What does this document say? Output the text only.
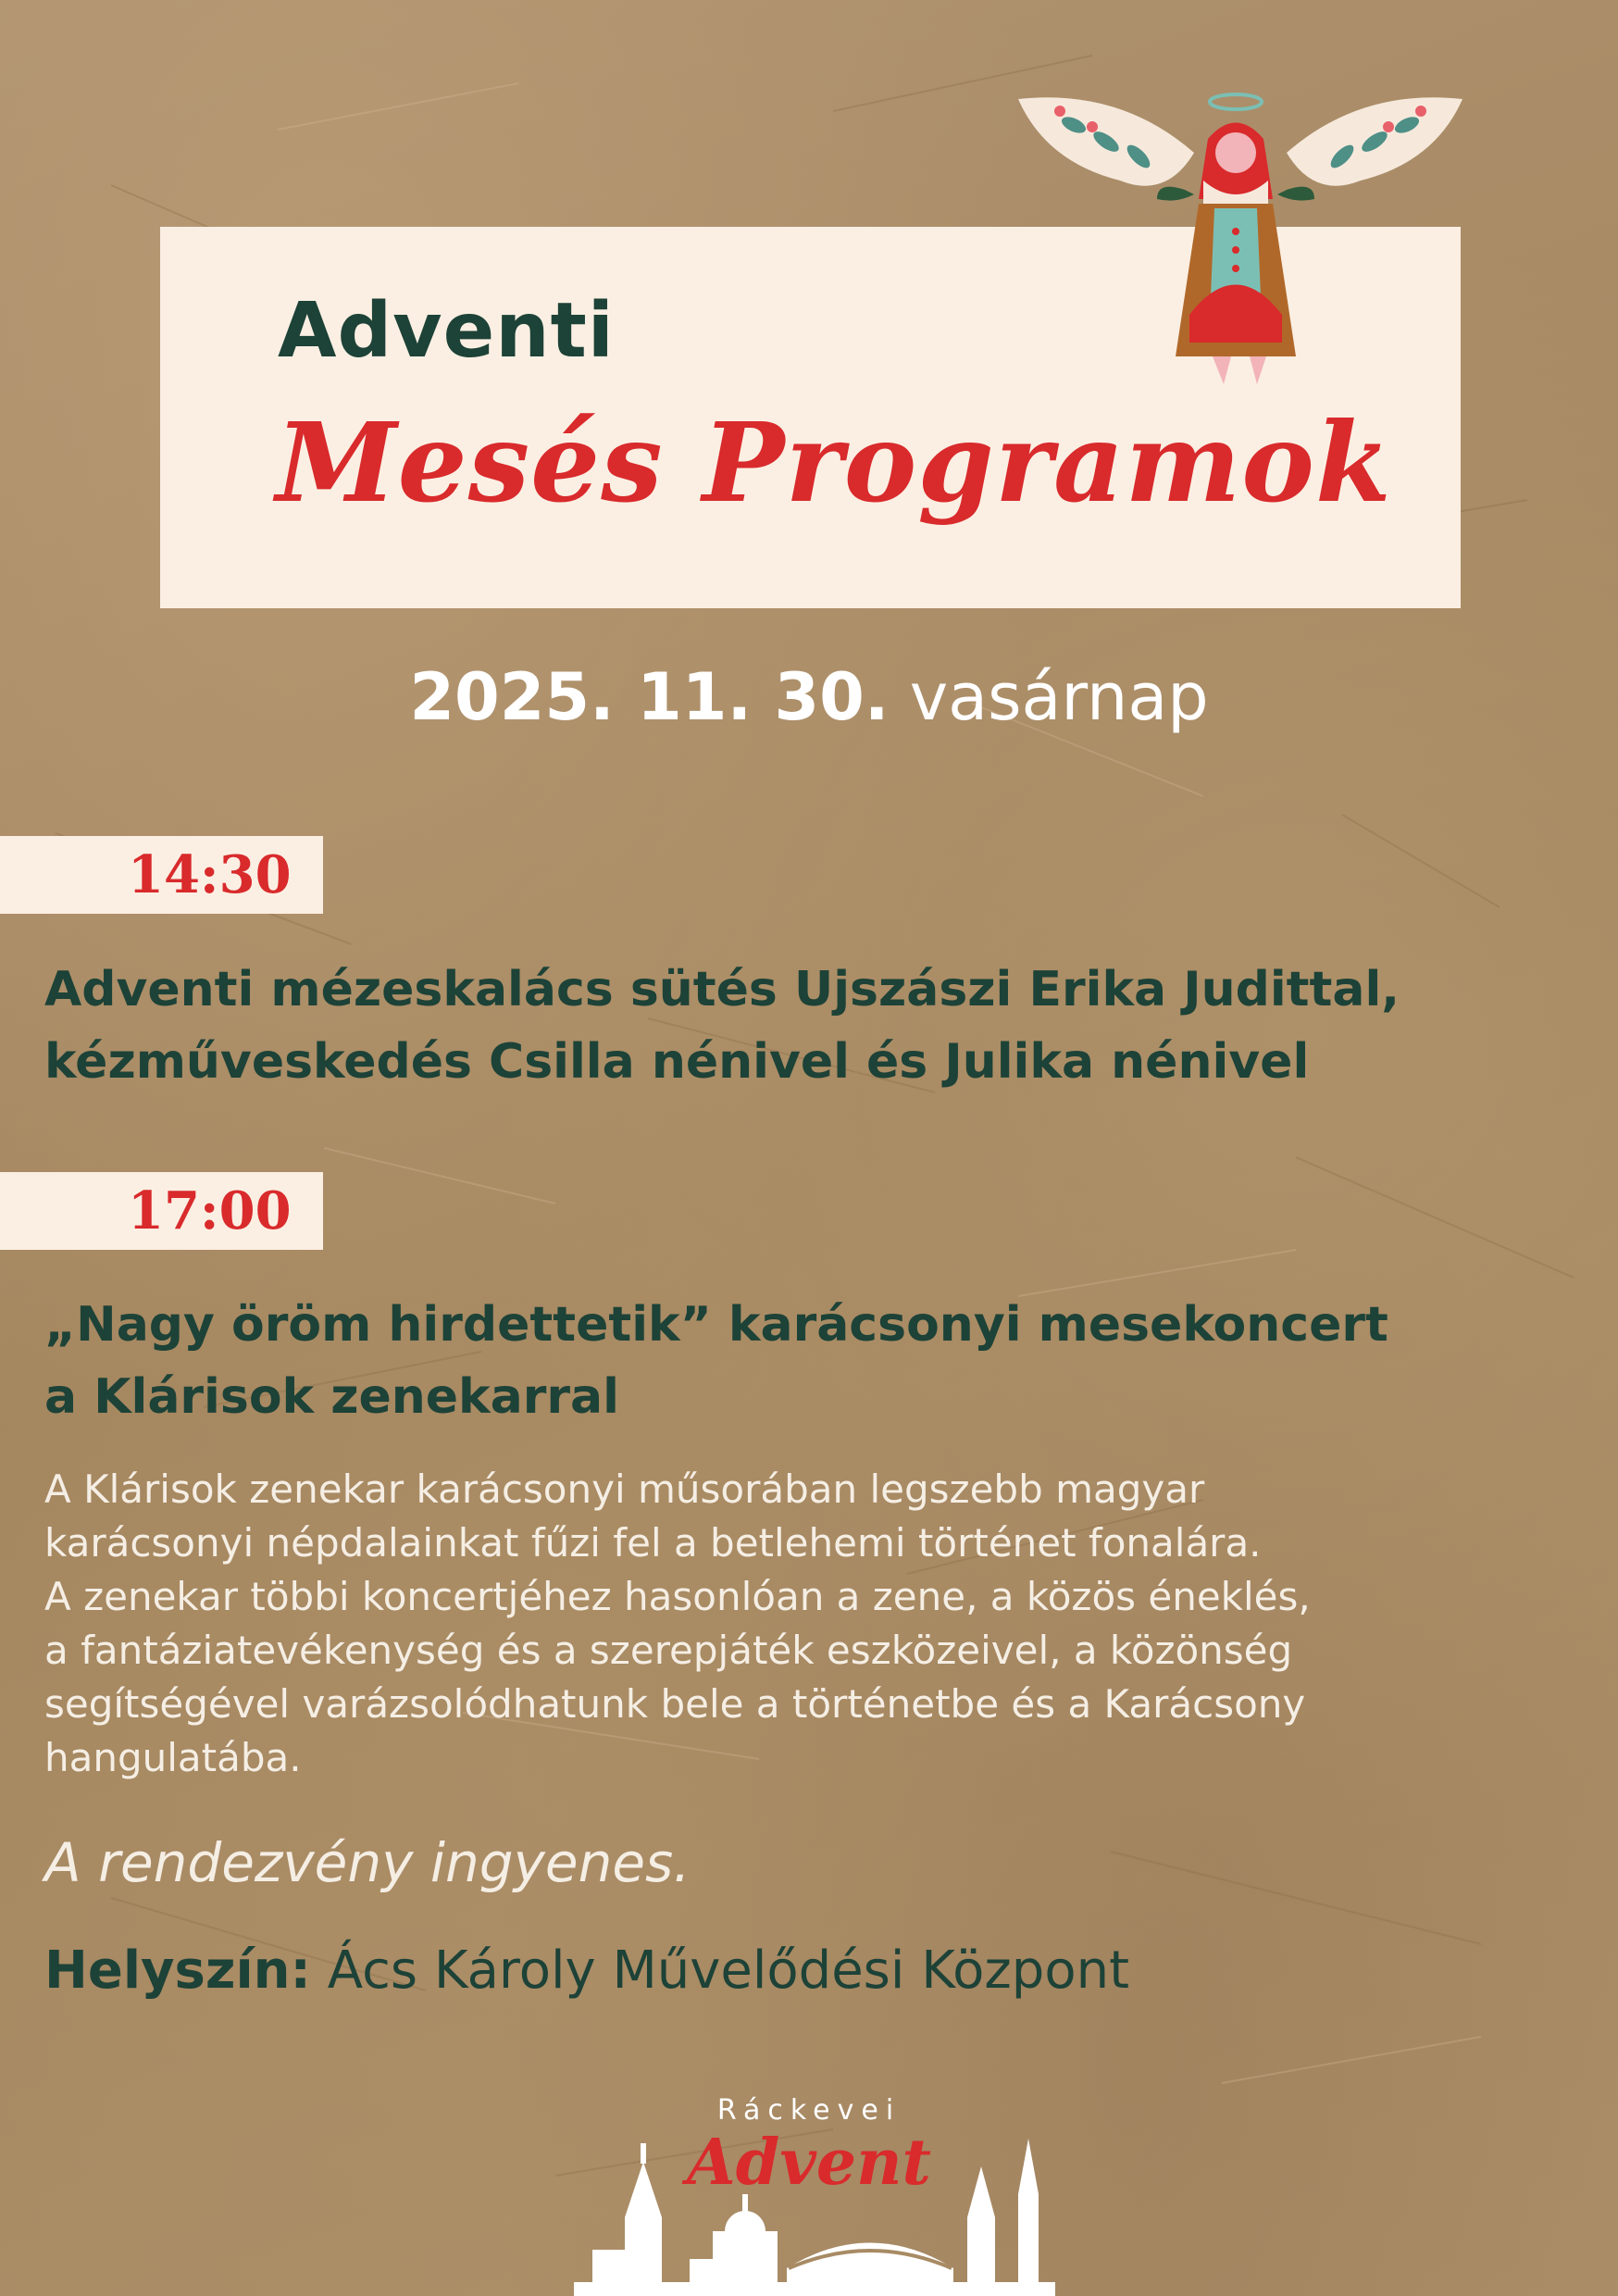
Adventi
Mesés Programok
2025. 11. 30. vasárnap
14:30
Adventi mézeskalács sütés Ujszászi Erika Judittal,
kézműveskedés Csilla nénivel és Julika nénivel
17:00
„Nagy öröm hirdettetik” karácsonyi mesekoncert
a Klárisok zenekarral
A Klárisok zenekar karácsonyi műsorában legszebb magyar
karácsonyi népdalainkat fűzi fel a betlehemi történet fonalára.
A zenekar többi koncertjéhez hasonlóan a zene, a közös éneklés,
a fantáziatevékenység és a szerepjáték eszközeivel, a közönség
segítségével varázsolódhatunk bele a történetbe és a Karácsony
hangulatába.
A rendezvény ingyenes.
Helyszín: Ács Károly Művelődési Központ
Ráckevei
Advent
